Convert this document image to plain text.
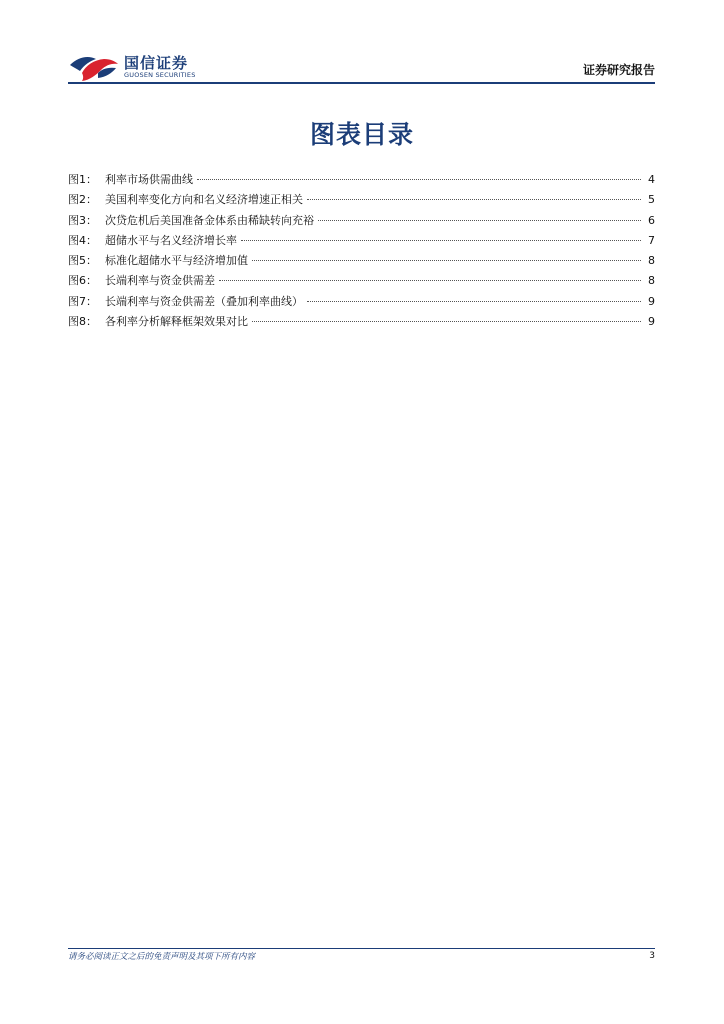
国信证券
GUOSEN SECURITIES	证券研究报告
图表目录
图1： 利率市场供需曲线	4
图2： 美国利率变化方向和名义经济增速正相关	5
图3： 次贷危机后美国准备金体系由稀缺转向充裕	6
图4： 超储水平与名义经济增长率	7
图5： 标准化超储水平与经济增加值	8
图6： 长端利率与资金供需差	8
图7： 长端利率与资金供需差（叠加利率曲线）	9
图8： 各利率分析解释框架效果对比	9
请务必阅读正文之后的免责声明及其项下所有内容	3
